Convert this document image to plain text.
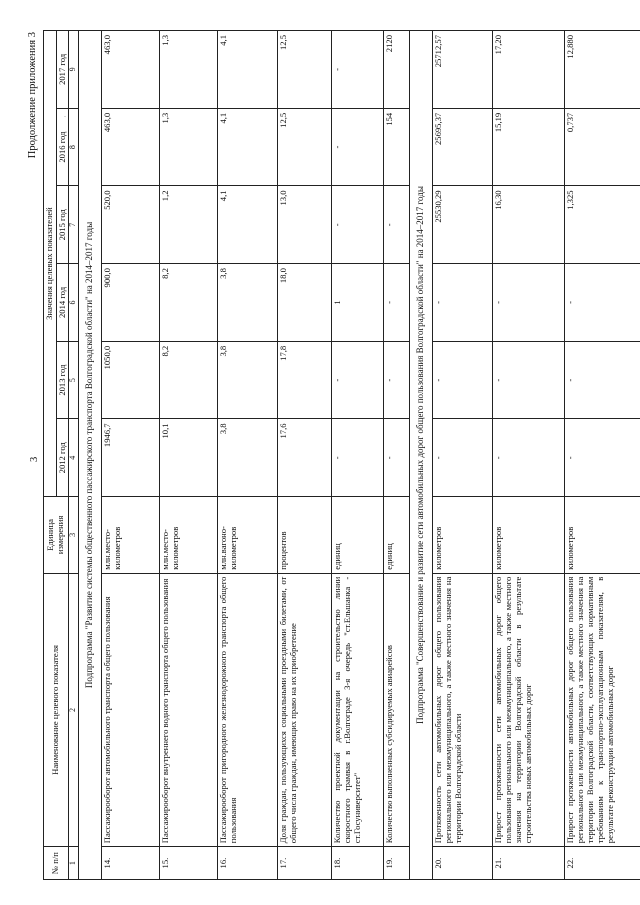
.
3
Продолжение приложения 3
№ п/п	Наименование целевого показателя	Единица измерения	Значения целевых показателей					
			2012 год	2013 год	2014 год	2015 год	2016 год	2017 год
1	2	3	4	5	6	7	8	9
Подпрограмма "Развитие системы общественного пассажирского транспорта Волгоградской области" на 2014–2017 годы								
14.	Пассажирооборот автомобильного транспорта общего пользования	млн.место-километров	1946,7	1050,0	900,0	520,0	463,0	463,0
15.	Пассажирооборот внутреннего водного транспорта общего пользования	млн.место-километров	10,1	8,2	8,2	1,2	1,3	1,3
16.	Пассажирооборот пригородного железнодорожного транспорта общего пользования	млн.вагоно-километров	3,8	3,8	3,8	4,1	4,1	4,1
17.	Доля граждан, пользующихся социальными проездными билетами, от общего числа граждан, имеющих право на их приобретение	процентов	17,6	17,8	18,0	13,0	12,5	12,5
18.	Количество проектной документации на строительство линии скоростного трамвая в г.Волгограде 3-я очередь "ст.Ельшанка - ст.Госуниверситет"	единиц	-	-	1	-	-	-
19.	Количество выполненных субсидируемых авиарейсов	единиц	-	-	-	-	154	2120
Подпрограмма "Совершенствование и развитие сети автомобильных дорог общего пользования Волгоградской области" на 2014–2017 годы								
20.	Протяженность сети автомобильных дорог общего пользования регионального или межмуниципального, а также местного значения на территории Волгоградской области	километров	-	-	-	25530,29	25695,37	25712,57
21.	Прирост протяженности сети автомобильных дорог общего пользования регионального или межмуниципального, а также местного значения на территории Волгоградской области в результате строительства новых автомобильных дорог	километров	-	-	-	16,30	15,19	17,20
22.	Прирост протяженности автомобильных дорог общего пользования регионального или межмуниципального, а также местного значения на территории Волгоградской области, соответствующих нормативным требованиям к транспортно-эксплуатационным показателям, в результате реконструкции автомобильных дорог	километров	-	-	-	1,325	0,737	12,880
